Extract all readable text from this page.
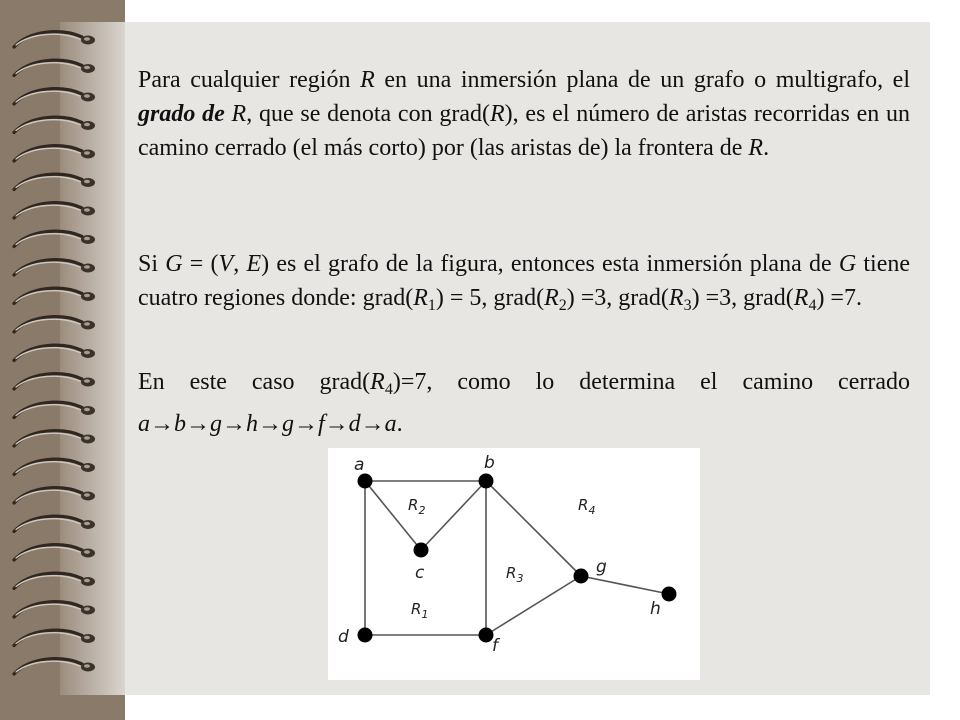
Para cualquier región R en una inmersión plana de un grafo o multigrafo, el grado de R, que se denota con grad(R), es el número de aristas recorridas en un camino cerrado (el más corto) por (las aristas de) la frontera de R.
Si G = (V, E) es el grafo de la figura, entonces esta inmersión plana de G tiene cuatro regiones donde: $grad(R_1) = 5$, $grad(R_2) =3$, $grad(R_3) =3$, $grad(R_4) =7$.
En este caso $grad(R_4)=7$, como lo determina el camino cerrado a→b→g→h→g→f→d→a.
a	b
c
d	f
g
h
$R_2$	$R_4$
$R_3$
$R_1$
